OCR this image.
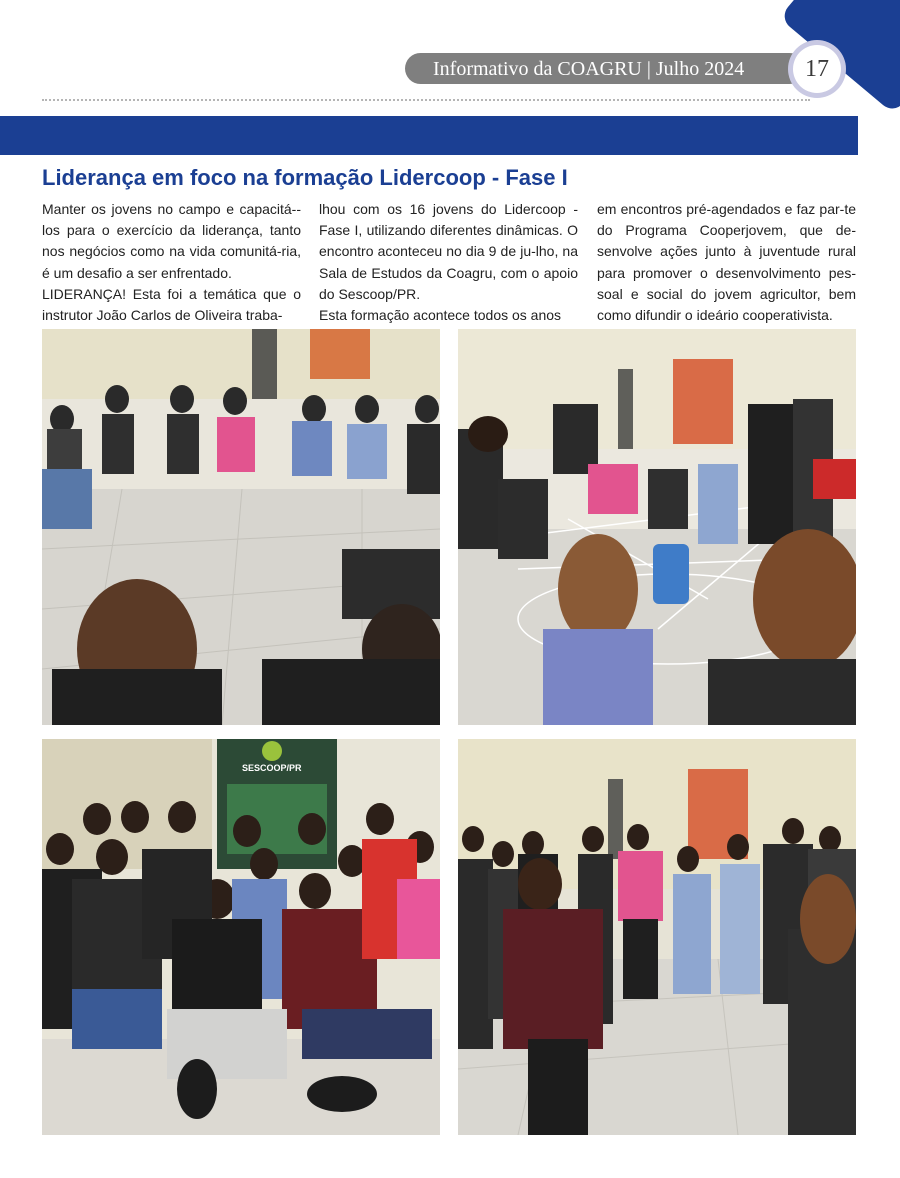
Informativo da COAGRU | Julho 2024	17
Liderança em foco na formação Lidercoop - Fase I

Manter os jovens no campo e capacitá--los para o exercício da liderança, tanto nos negócios como na vida comunitá-ria, é um desafio a ser enfrentado.

LIDERANÇA! Esta foi a temática que o instrutor João Carlos de Oliveira traba-

lhou com os 16 jovens do Lidercoop - Fase I, utilizando diferentes dinâmicas. O encontro aconteceu no dia 9 de ju-lho, na Sala de Estudos da Coagru, com o apoio do Sescoop/PR.

Esta formação acontece todos os anos

em encontros pré-agendados e faz par-te do Programa Cooperjovem, que de-senvolve ações junto à juventude rural para promover o desenvolvimento pes-soal e social do jovem agricultor, bem como difundir o ideário cooperativista.

SESCOOP/PR
